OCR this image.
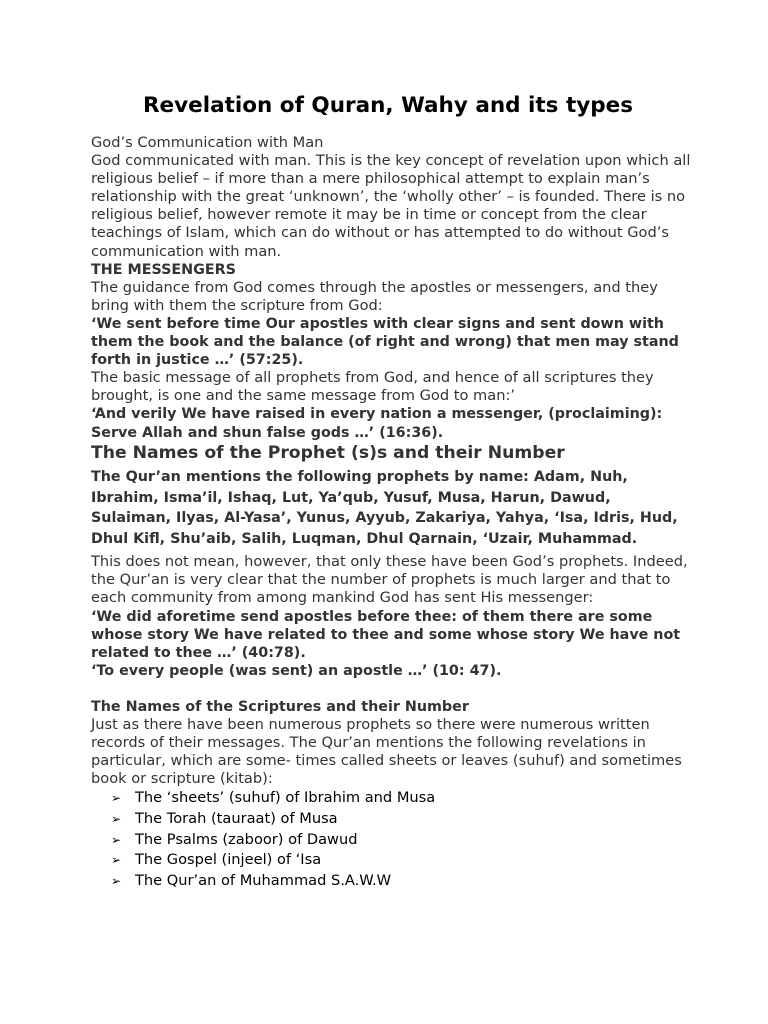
Revelation of Quran, Wahy and its types

God’s Communication with Man

God communicated with man. This is the key concept of revelation upon which all religious belief – if more than a mere philosophical attempt to explain man’s relationship with the great ‘unknown’, the ‘wholly other’ – is founded. There is no religious belief, however remote it may be in time or concept from the clear teachings of Islam, which can do without or has attempted to do without God’s communication with man.

THE MESSENGERS

The guidance from God comes through the apostles or messengers, and they bring with them the scripture from God:

‘We sent before time Our apostles with clear signs and sent down with them the book and the balance (of right and wrong) that men may stand forth in justice …’ (57:25).

The basic message of all prophets from God, and hence of all scriptures they brought, is one and the same message from God to man:’

‘And verily We have raised in every nation a messenger, (proclaiming): Serve Allah and shun false gods …’ (16:36).

The Names of the Prophet (s)s and their Number

The Qur’an mentions the following prophets by name: Adam, Nuh, Ibrahim, Isma’il, Ishaq, Lut, Ya’qub, Yusuf, Musa, Harun, Dawud, Sulaiman, Ilyas, Al-Yasa’, Yunus, Ayyub, Zakariya, Yahya, ‘Isa, Idris, Hud, Dhul Kifl, Shu’aib, Salih, Luqman, Dhul Qarnain, ‘Uzair, Muhammad.

This does not mean, however, that only these have been God’s prophets. Indeed, the Qur’an is very clear that the number of prophets is much larger and that to each community from among mankind God has sent His messenger:

‘We did aforetime send apostles before thee: of them there are some whose story We have related to thee and some whose story We have not related to thee …’ (40:78).

‘To every people (was sent) an apostle …’ (10: 47).

The Names of the Scriptures and their Number

Just as there have been numerous prophets so there were numerous written records of their messages. The Qur’an mentions the following revelations in particular, which are some- times called sheets or leaves (suhuf) and sometimes book or scripture (kitab):

➢ The ‘sheets’ (suhuf) of Ibrahim and Musa
➢ The Torah (tauraat) of Musa
➢ The Psalms (zaboor) of Dawud
➢ The Gospel (injeel) of ‘Isa
➢ The Qur’an of Muhammad S.A.W.W
